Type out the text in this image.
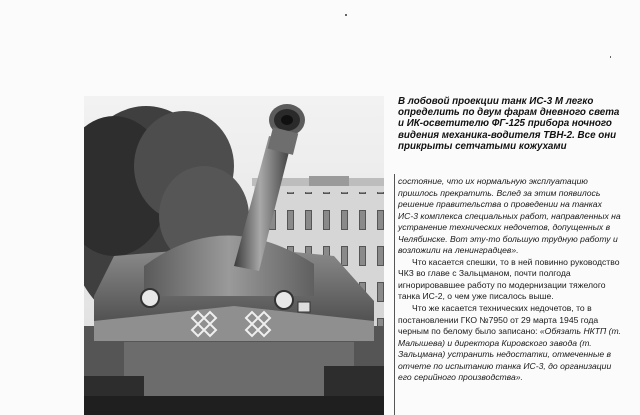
В лобовой проекции танк ИС-3 М легко определить по двум фарам дневного света и ИК-осветителю ФГ-125 прибора ночного видения механика-водителя ТВН-2. Все они прикрыты сетчатыми кожухами

состояние, что их нормальную эксплуатацию пришлось прекратить. Вслед за этим появилось решение правительства о проведении на танках ИС-3 комплекса специальных работ, направленных на устранение технических недочетов, допущенных в Челябинске. Вот эту-то большую трудную работу и возложили на ленинградцев».

Что касается спешки, то в ней повинно руководство ЧКЗ во главе с Зальцманом, почти полгода игнорировавшее работу по модернизации тяжелого танка ИС-2, о чем уже писалось выше.

Что же касается технических недочетов, то в постановлении ГКО №7950 от 29 марта 1945 года черным по белому было записано: «Обязать НКТП (т. Малышева) и директора Кировского завода (т. Зальцмана) устранить недостатки, отмеченные в отчете по испытанию танка ИС-3, до организации его серийного производства».
